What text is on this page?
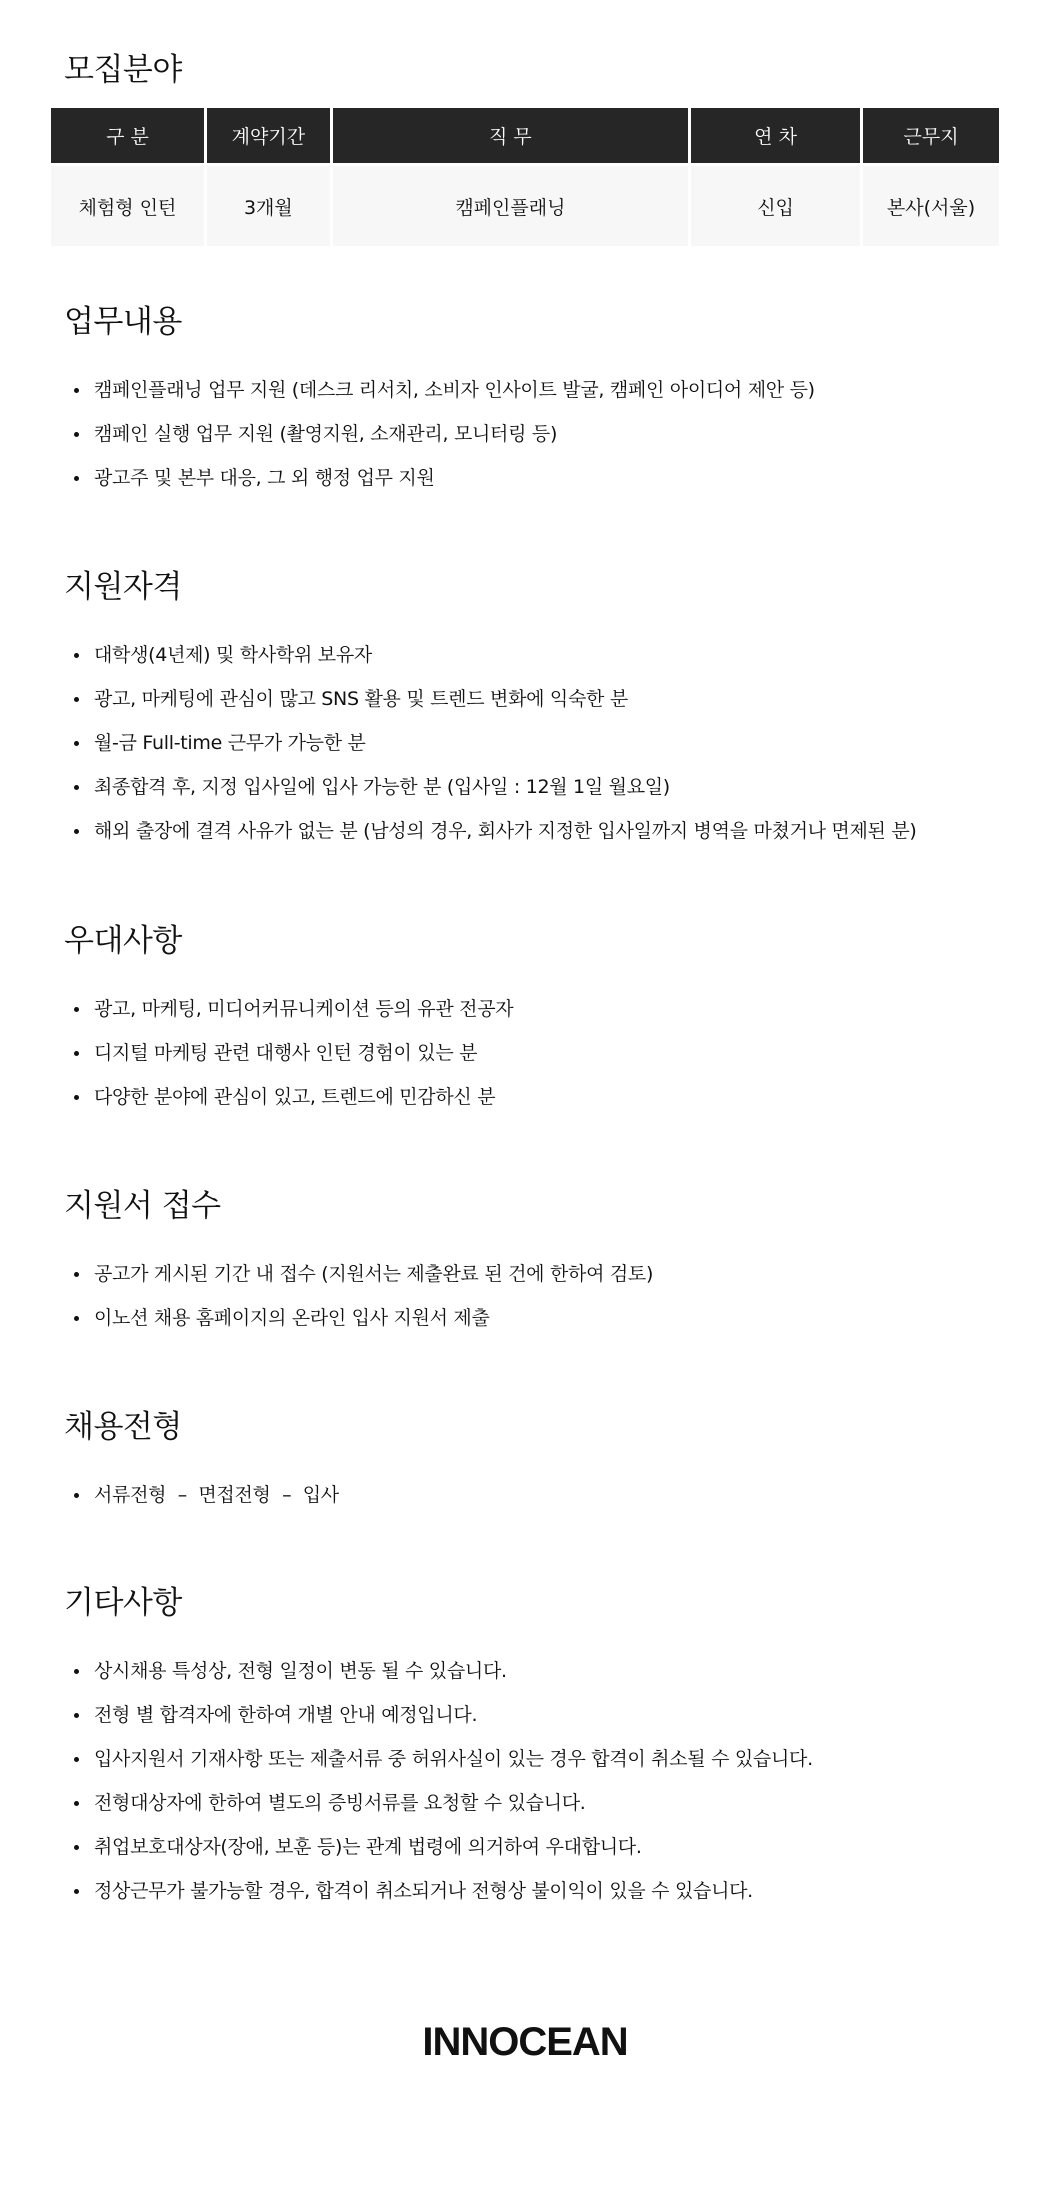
모집분야
구 분	계약기간	직 무	연 차	근무지

체험형 인턴	3개월	캠페인플래닝	신입	본사(서울)
업무내용
캠페인플래닝 업무 지원 (데스크 리서치, 소비자 인사이트 발굴, 캠페인 아이디어 제안 등)
캠페인 실행 업무 지원 (촬영지원, 소재관리, 모니터링 등)
광고주 및 본부 대응, 그 외 행정 업무 지원
지원자격
대학생(4년제) 및 학사학위 보유자
광고, 마케팅에 관심이 많고 SNS 활용 및 트렌드 변화에 익숙한 분
월-금 Full-time 근무가 가능한 분
최종합격 후, 지정 입사일에 입사 가능한 분 (입사일 : 12월 1일 월요일)
해외 출장에 결격 사유가 없는 분 (남성의 경우, 회사가 지정한 입사일까지 병역을 마쳤거나 면제된 분)
우대사항
광고, 마케팅, 미디어커뮤니케이션 등의 유관 전공자
디지털 마케팅 관련 대행사 인턴 경험이 있는 분
다양한 분야에 관심이 있고, 트렌드에 민감하신 분
지원서 접수
공고가 게시된 기간 내 접수 (지원서는 제출완료 된 건에 한하여 검토)
이노션 채용 홈페이지의 온라인 입사 지원서 제출
채용전형
서류전형  –  면접전형  –  입사
기타사항
상시채용 특성상, 전형 일정이 변동 될 수 있습니다.
전형 별 합격자에 한하여 개별 안내 예정입니다.
입사지원서 기재사항 또는 제출서류 중 허위사실이 있는 경우 합격이 취소될 수 있습니다.
전형대상자에 한하여 별도의 증빙서류를 요청할 수 있습니다.
취업보호대상자(장애, 보훈 등)는 관계 법령에 의거하여 우대합니다.
정상근무가 불가능할 경우, 합격이 취소되거나 전형상 불이익이 있을 수 있습니다.
INNOCEAN
